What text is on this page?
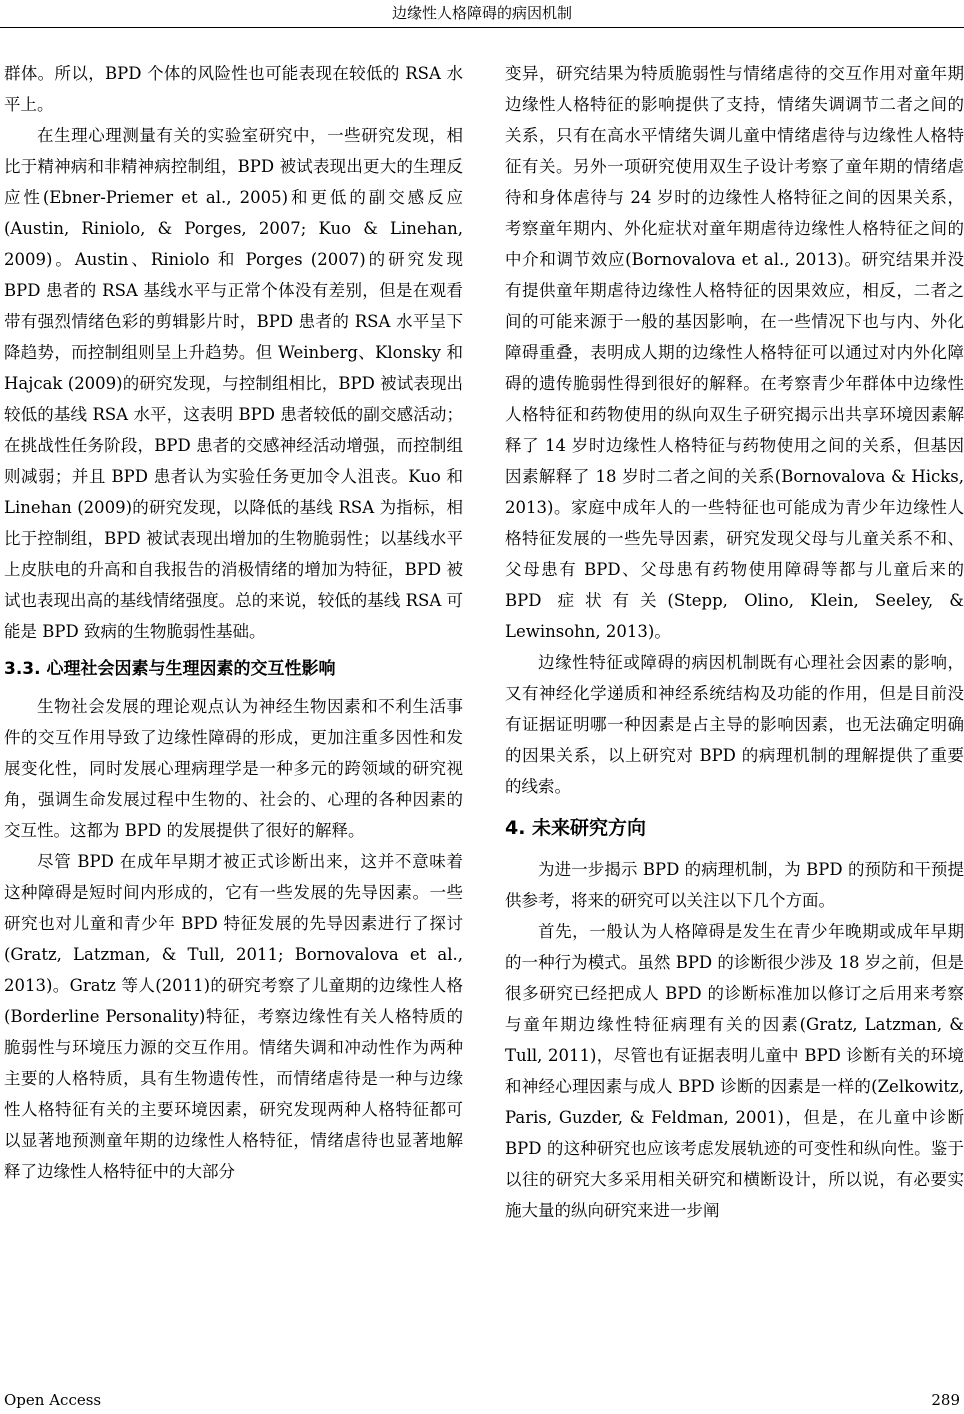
边缘性人格障碍的病因机制

群体。所以，BPD 个体的风险性也可能表现在较低的 RSA 水平上。

在生理心理测量有关的实验室研究中，一些研究发现，相比于精神病和非精神病控制组，BPD 被试表现出更大的生理反应性(Ebner-Priemer et al., 2005)和更低的副交感反应(Austin, Riniolo, & Porges, 2007; Kuo & Linehan, 2009)。Austin、Riniolo 和 Porges (2007)的研究发现 BPD 患者的 RSA 基线水平与正常个体没有差别，但是在观看带有强烈情绪色彩的剪辑影片时，BPD 患者的 RSA 水平呈下降趋势，而控制组则呈上升趋势。但 Weinberg、Klonsky 和 Hajcak (2009)的研究发现，与控制组相比，BPD 被试表现出较低的基线 RSA 水平，这表明 BPD 患者较低的副交感活动；在挑战性任务阶段，BPD 患者的交感神经活动增强，而控制组则减弱；并且 BPD 患者认为实验任务更加令人沮丧。Kuo 和 Linehan (2009)的研究发现，以降低的基线 RSA 为指标，相比于控制组，BPD 被试表现出增加的生物脆弱性；以基线水平上皮肤电的升高和自我报告的消极情绪的增加为特征，BPD 被试也表现出高的基线情绪强度。总的来说，较低的基线 RSA 可能是 BPD 致病的生物脆弱性基础。

3.3. 心理社会因素与生理因素的交互性影响

生物社会发展的理论观点认为神经生物因素和不利生活事件的交互作用导致了边缘性障碍的形成，更加注重多因性和发展变化性，同时发展心理病理学是一种多元的跨领域的研究视角，强调生命发展过程中生物的、社会的、心理的各种因素的交互性。这都为 BPD 的发展提供了很好的解释。

尽管 BPD 在成年早期才被正式诊断出来，这并不意味着这种障碍是短时间内形成的，它有一些发展的先导因素。一些研究也对儿童和青少年 BPD 特征发展的先导因素进行了探讨(Gratz, Latzman, & Tull, 2011; Bornovalova et al., 2013)。Gratz 等人(2011)的研究考察了儿童期的边缘性人格(Borderline Personality)特征，考察边缘性有关人格特质的脆弱性与环境压力源的交互作用。情绪失调和冲动性作为两种主要的人格特质，具有生物遗传性，而情绪虐待是一种与边缘性人格特征有关的主要环境因素，研究发现两种人格特征都可以显著地预测童年期的边缘性人格特征，情绪虐待也显著地解释了边缘性人格特征中的大部分

变异，研究结果为特质脆弱性与情绪虐待的交互作用对童年期边缘性人格特征的影响提供了支持，情绪失调调节二者之间的关系，只有在高水平情绪失调儿童中情绪虐待与边缘性人格特征有关。另外一项研究使用双生子设计考察了童年期的情绪虐待和身体虐待与 24 岁时的边缘性人格特征之间的因果关系，考察童年期内、外化症状对童年期虐待边缘性人格特征之间的中介和调节效应(Bornovalova et al., 2013)。研究结果并没有提供童年期虐待边缘性人格特征的因果效应，相反，二者之间的可能来源于一般的基因影响，在一些情况下也与内、外化障碍重叠，表明成人期的边缘性人格特征可以通过对内外化障碍的遗传脆弱性得到很好的解释。在考察青少年群体中边缘性人格特征和药物使用的纵向双生子研究揭示出共享环境因素解释了 14 岁时边缘性人格特征与药物使用之间的关系，但基因因素解释了 18 岁时二者之间的关系(Bornovalova & Hicks, 2013)。家庭中成年人的一些特征也可能成为青少年边缘性人格特征发展的一些先导因素，研究发现父母与儿童关系不和、父母患有 BPD、父母患有药物使用障碍等都与儿童后来的 BPD 症状有关(Stepp, Olino, Klein, Seeley, & Lewinsohn, 2013)。

边缘性特征或障碍的病因机制既有心理社会因素的影响，又有神经化学递质和神经系统结构及功能的作用，但是目前没有证据证明哪一种因素是占主导的影响因素，也无法确定明确的因果关系，以上研究对 BPD 的病理机制的理解提供了重要的线索。

4. 未来研究方向

为进一步揭示 BPD 的病理机制，为 BPD 的预防和干预提供参考，将来的研究可以关注以下几个方面。

首先，一般认为人格障碍是发生在青少年晚期或成年早期的一种行为模式。虽然 BPD 的诊断很少涉及 18 岁之前，但是很多研究已经把成人 BPD 的诊断标准加以修订之后用来考察与童年期边缘性特征病理有关的因素(Gratz, Latzman, & Tull, 2011)，尽管也有证据表明儿童中 BPD 诊断有关的环境和神经心理因素与成人 BPD 诊断的因素是一样的(Zelkowitz, Paris, Guzder, & Feldman, 2001)，但是，在儿童中诊断 BPD 的这种研究也应该考虑发展轨迹的可变性和纵向性。鉴于以往的研究大多采用相关研究和横断设计，所以说，有必要实施大量的纵向研究来进一步阐

Open Access	289
